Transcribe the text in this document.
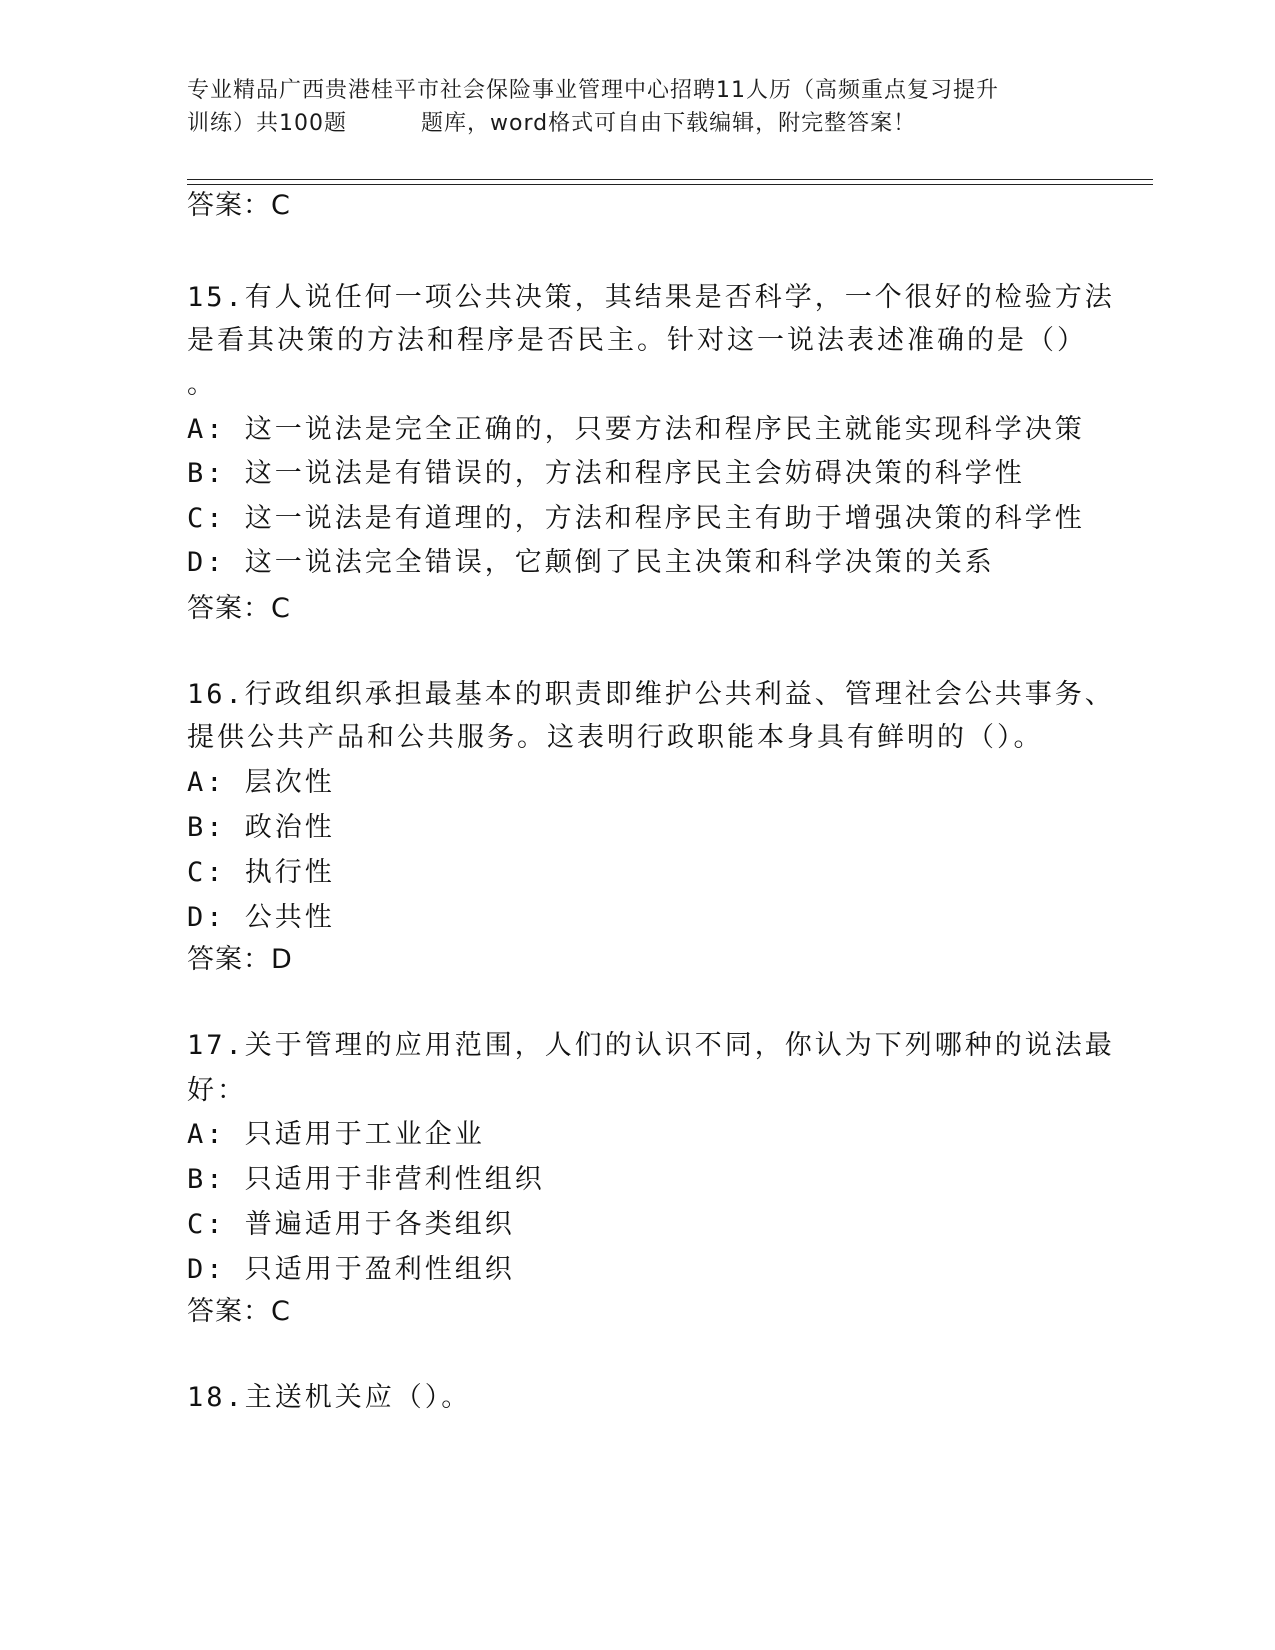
专业精品广西贵港桂平市社会保险事业管理中心招聘11人历（高频重点复习提升
训练）共100题	题库，word格式可自由下载编辑，附完整答案！
答案：C
15.有人说任何一项公共决策，其结果是否科学，一个很好的检验方法
是看其决策的方法和程序是否民主。针对这一说法表述准确的是（）
。
A: 这一说法是完全正确的，只要方法和程序民主就能实现科学决策
B: 这一说法是有错误的，方法和程序民主会妨碍决策的科学性
C: 这一说法是有道理的，方法和程序民主有助于增强决策的科学性
D: 这一说法完全错误，它颠倒了民主决策和科学决策的关系
答案：C
16.行政组织承担最基本的职责即维护公共利益、管理社会公共事务、
提供公共产品和公共服务。这表明行政职能本身具有鲜明的（）。
A: 层次性
B: 政治性
C: 执行性
D: 公共性
答案：D
17.关于管理的应用范围，人们的认识不同，你认为下列哪种的说法最
好：
A: 只适用于工业企业
B: 只适用于非营利性组织
C: 普遍适用于各类组织
D: 只适用于盈利性组织
答案：C
18.主送机关应（）。
